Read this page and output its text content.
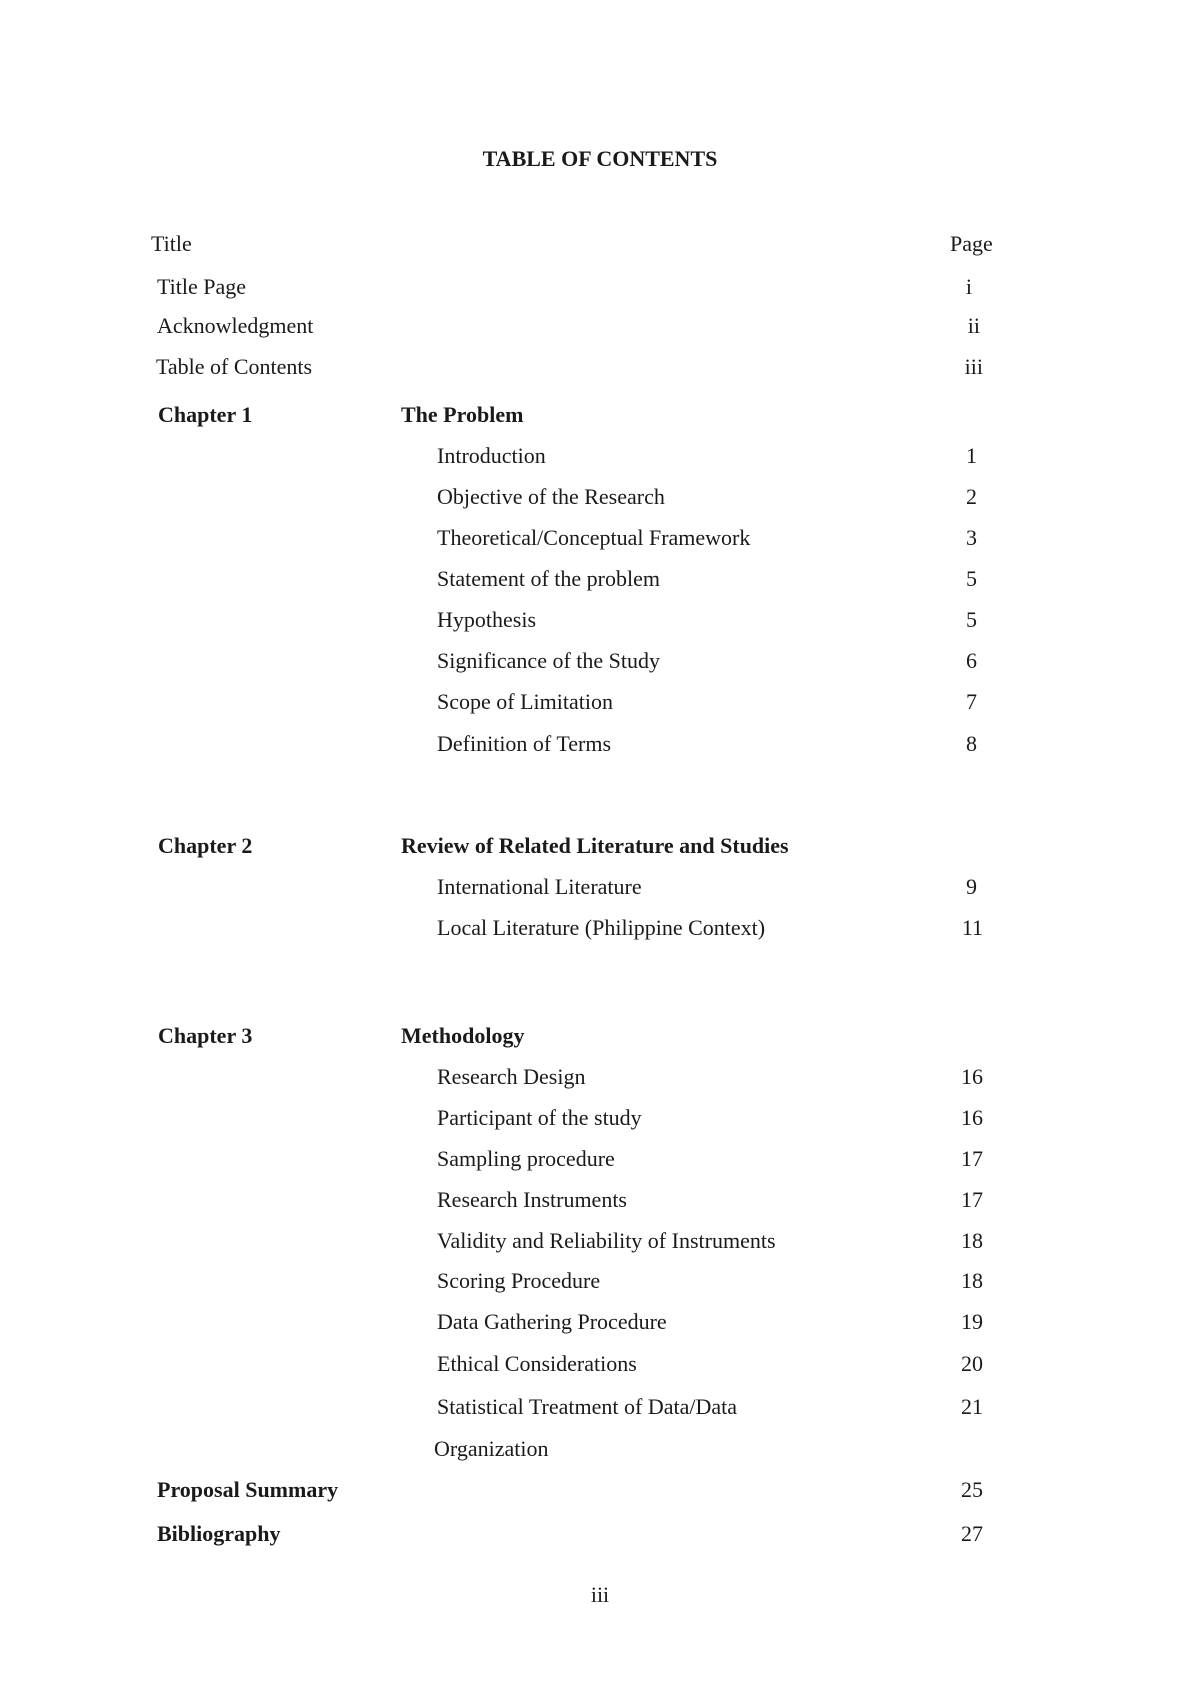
TABLE OF CONTENTS
Title	Page
Title Page	i
Acknowledgment	ii
Table of Contents	iii
Chapter 1	The Problem
Introduction	1
Objective of the Research	2
Theoretical/Conceptual Framework	3
Statement of the problem	5
Hypothesis	5
Significance of the Study	6
Scope of Limitation	7
Definition of Terms	8
Chapter 2	Review of Related Literature and Studies
International Literature	9
Local Literature (Philippine Context)	11
Chapter 3	Methodology
Research Design	16
Participant of the study	16
Sampling procedure	17
Research Instruments	17
Validity and Reliability of Instruments	18
Scoring Procedure	18
Data Gathering Procedure	19
Ethical Considerations	20
Statistical Treatment of Data/Data	21
Organization
Proposal Summary	25
Bibliography	27
iii
